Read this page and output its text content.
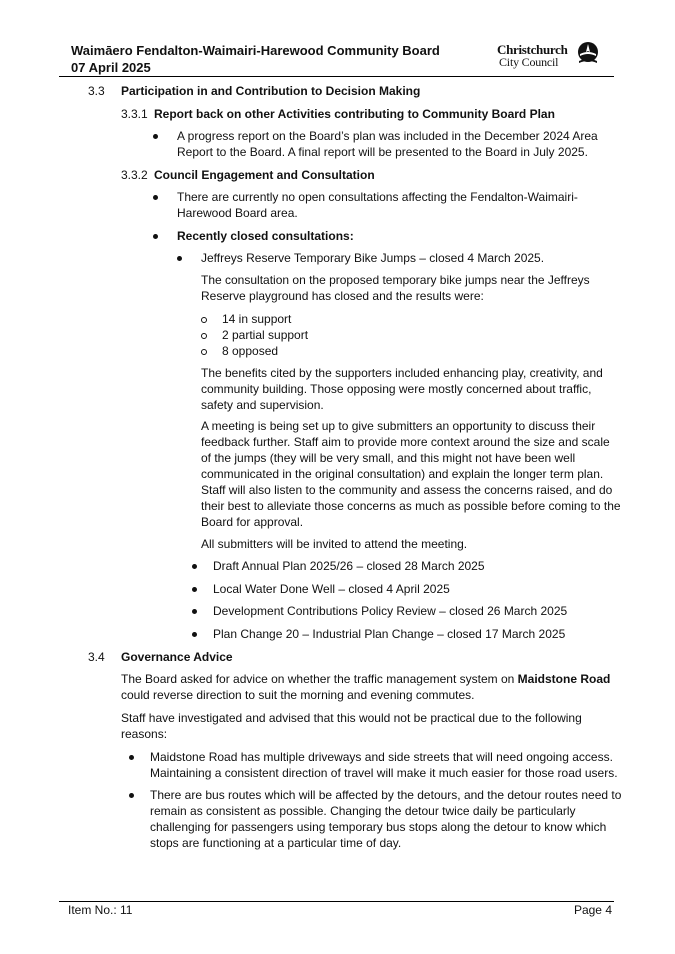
Waimāero Fendalton-Waimairi-Harewood Community Board
07 April 2025
Christchurch
City Council
3.3 Participation in and Contribution to Decision Making
3.3.1 Report back on other Activities contributing to Community Board Plan
A progress report on the Board’s plan was included in the December 2024 Area
Report to the Board. A final report will be presented to the Board in July 2025.
3.3.2 Council Engagement and Consultation
There are currently no open consultations affecting the Fendalton-Waimairi-
Harewood Board area.
Recently closed consultations:
Jeffreys Reserve Temporary Bike Jumps – closed 4 March 2025.
The consultation on the proposed temporary bike jumps near the Jeffreys
Reserve playground has closed and the results were:
14 in support
2 partial support
8 opposed
The benefits cited by the supporters included enhancing play, creativity, and
community building. Those opposing were mostly concerned about traffic,
safety and supervision.
A meeting is being set up to give submitters an opportunity to discuss their
feedback further. Staff aim to provide more context around the size and scale
of the jumps (they will be very small, and this might not have been well
communicated in the original consultation) and explain the longer term plan.
Staff will also listen to the community and assess the concerns raised, and do
their best to alleviate those concerns as much as possible before coming to the
Board for approval.
All submitters will be invited to attend the meeting.
Draft Annual Plan 2025/26 – closed 28 March 2025
Local Water Done Well – closed 4 April 2025
Development Contributions Policy Review – closed 26 March 2025
Plan Change 20 – Industrial Plan Change – closed 17 March 2025
3.4 Governance Advice
The Board asked for advice on whether the traffic management system on Maidstone Road
could reverse direction to suit the morning and evening commutes.
Staff have investigated and advised that this would not be practical due to the following
reasons:
Maidstone Road has multiple driveways and side streets that will need ongoing access.
Maintaining a consistent direction of travel will make it much easier for those road users.
There are bus routes which will be affected by the detours, and the detour routes need to
remain as consistent as possible. Changing the detour twice daily be particularly
challenging for passengers using temporary bus stops along the detour to know which
stops are functioning at a particular time of day.
Item No.: 11	Page 4
